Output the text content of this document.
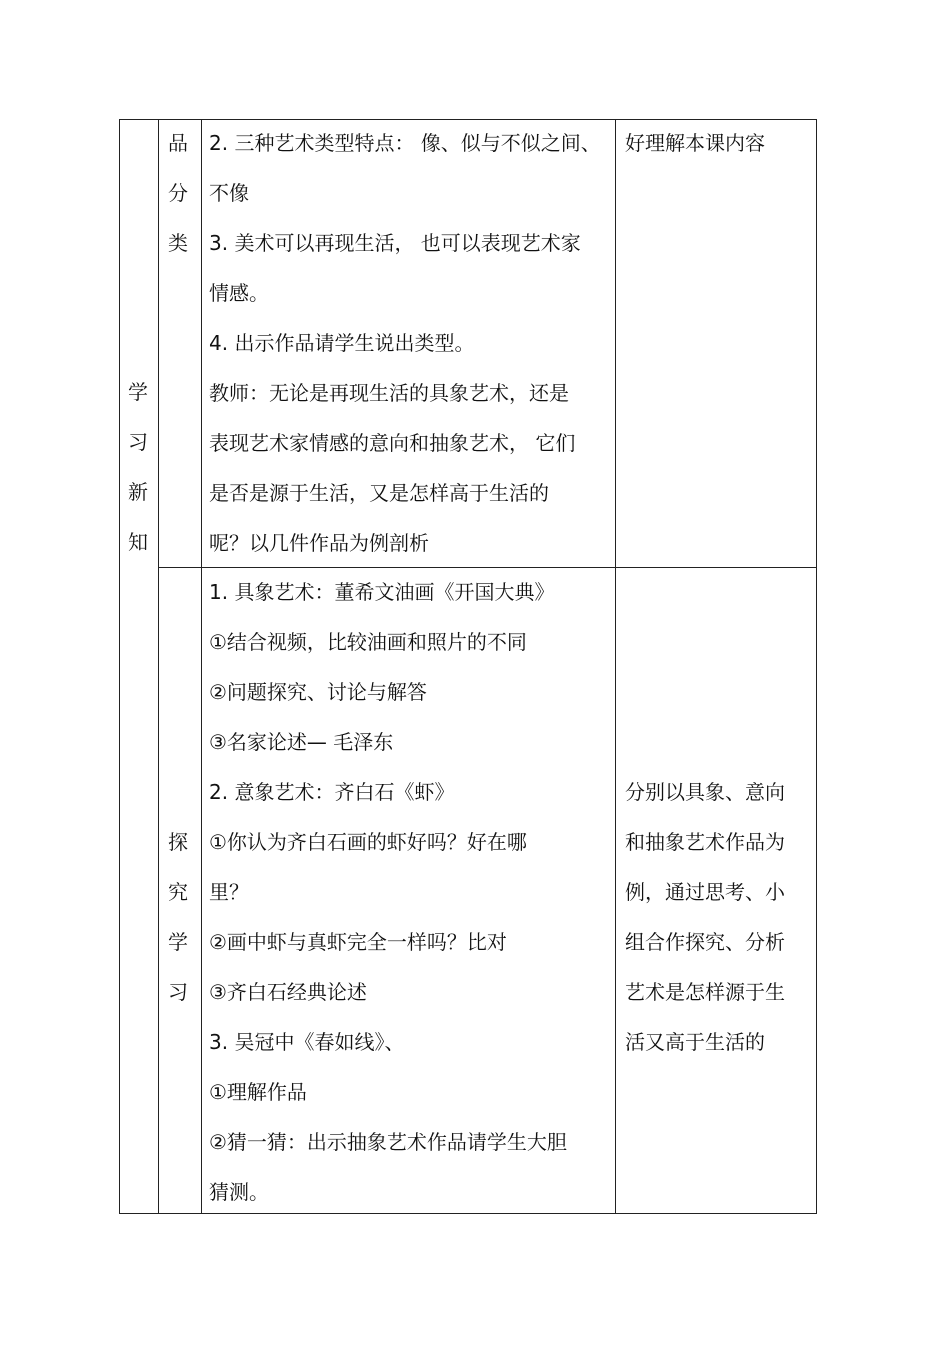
学
习
新
知
品
分
类
2. 三种艺术类型特点： 像、似与不似之间、
不像
3. 美术可以再现生活， 也可以表现艺术家
情感。
4. 出示作品请学生说出类型。
教师：无论是再现生活的具象艺术，还是
表现艺术家情感的意向和抽象艺术， 它们
是否是源于生活，又是怎样高于生活的
呢？以几件作品为例剖析
好理解本课内容
探
究
学
习
1. 具象艺术：董希文油画《开国大典》
①结合视频，比较油画和照片的不同
②问题探究、讨论与解答
③名家论述— 毛泽东
2. 意象艺术：齐白石《虾》
①你认为齐白石画的虾好吗？好在哪
里？
②画中虾与真虾完全一样吗？比对
③齐白石经典论述
3. 吴冠中《春如线》、
①理解作品
②猜一猜：出示抽象艺术作品请学生大胆
猜测。
分别以具象、意向
和抽象艺术作品为
例，通过思考、小
组合作探究、分析
艺术是怎样源于生
活又高于生活的
